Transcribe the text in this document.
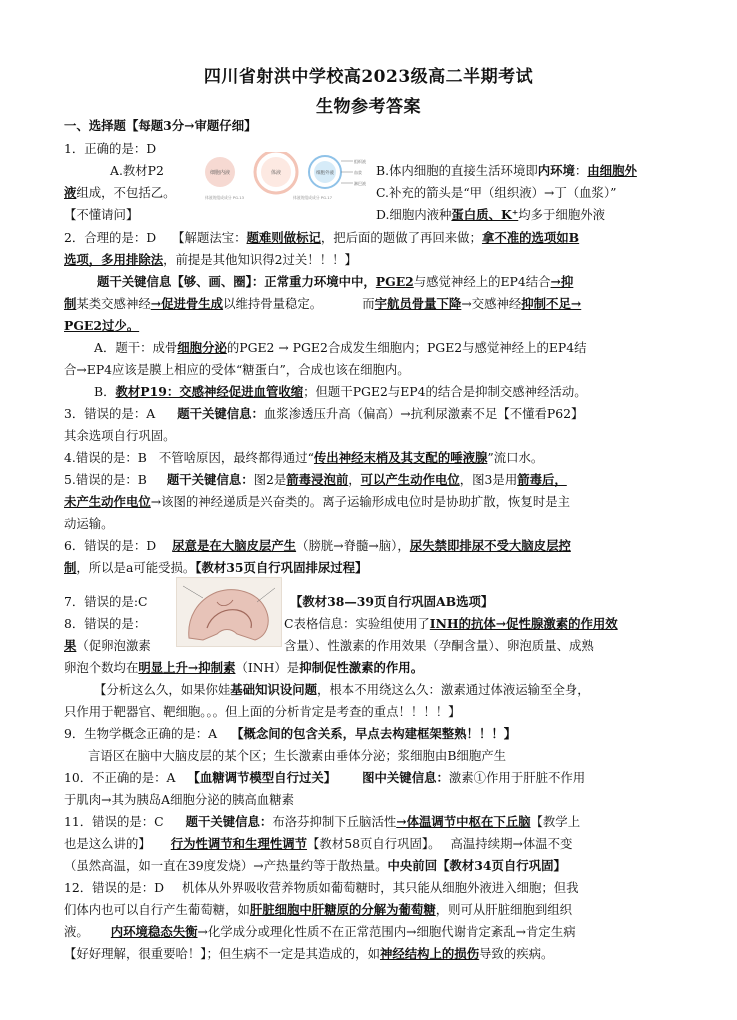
四川省射洪中学校高2023级高二半期考试
生物参考答案
一、选择题【每题3分→审题仔细】
1．正确的是：D
A.教材P2	B.体内细胞的直接生活环境即内环境：由细胞外
液组成，不包括乙。	C.补充的箭头是“甲（组织液）→丁（血浆）”
【不懂请问】	D.细胞内液种蛋白质、K⁺均多于细胞外液
细胞内液	体液	细胞外液
组织液
血浆
淋巴液
体液的组成成分 PG.13	体液的组成成分 PG.17
2．合理的是：D 【解题法宝：题难则做标记，把后面的题做了再回来做；拿不准的选项如B
选项，多用排除法，前提是其他知识得2过关！！！】
题干关键信息【够、画、圈】：正常重力环境中中，PGE2与感觉神经上的EP4结合→抑
制某类交感神经→促进骨生成以维持骨量稳定。	而宇航员骨量下降→交感神经抑制不足→
PGE2过少。
A．题干：成骨细胞分泌的PGE2 → PGE2合成发生细胞内；PGE2与感觉神经上的EP4结
合→EP4应该是膜上相应的受体“糖蛋白”，合成也该在细胞内。
B．教材P19：交感神经促进血管收缩；但题干PGE2与EP4的结合是抑制交感神经活动。
3．错误的是：A 题干关键信息：血浆渗透压升高（偏高）→抗利尿激素不足【不懂看P62】
其余选项自行巩固。
4.错误的是：B 不管啥原因，最终都得通过“传出神经末梢及其支配的唾液腺”流口水。
5.错误的是：B 题干关键信息：图2是箭毒浸泡前，可以产生动作电位，图3是用箭毒后，
未产生动作电位→该图的神经递质是兴奋类的。离子运输形成电位时是协助扩散，恢复时是主
动运输。
6．错误的是：D 尿意是在大脑皮层产生（膀胱→脊髓→脑），尿失禁即排尿不受大脑皮层控
制，所以是a可能受损。【教材35页自行巩固排尿过程】
7．错误的是:C	【教材38—39页自行巩固AB选项】
8．错误的是：	C表格信息：实验组使用了INH的抗体→促性腺激素的作用效
果（促卵泡激素	含量）、性激素的作用效果（孕酮含量）、卵泡质量、成熟
卵泡个数均在明显上升→抑制素（INH）是抑制促性激素的作用。
【分析这么久，如果你娃基础知识设问题，根本不用绕这么久：激素通过体液运输至全身，
只作用于靶器官、靶细胞。。。但上面的分析肯定是考查的重点！！！！】
9．生物学概念正确的是：A 【概念间的包含关系，早点去构建框架整熟！！！】
言语区在脑中大脑皮层的某个区；生长激素由垂体分泌；浆细胞由B细胞产生
10．不正确的是：A 【血糖调节模型自行过关】 图中关键信息：激素①作用于肝脏不作用
于肌肉→其为胰岛A细胞分泌的胰高血糖素
11．错误的是：C 题干关键信息：布洛芬抑制下丘脑活性→体温调节中枢在下丘脑【教学上
也是这么讲的】 行为性调节和生理性调节【教材58页自行巩固】。 高温持续期→体温不变
（虽然高温，如一直在39度发烧）→产热量约等于散热量。中央前回【教材34页自行巩固】
12．错误的是：D 机体从外界吸收营养物质如葡萄糖时，其只能从细胞外液进入细胞；但我
们体内也可以自行产生葡萄糖，如肝脏细胞中肝糖原的分解为葡萄糖，则可从肝脏细胞到组织
液。 内环境稳态失衡→化学成分或理化性质不在正常范围内→细胞代谢肯定紊乱→肯定生病
【好好理解，很重要哈！】；但生病不一定是其造成的，如神经结构上的损伤导致的疾病。
